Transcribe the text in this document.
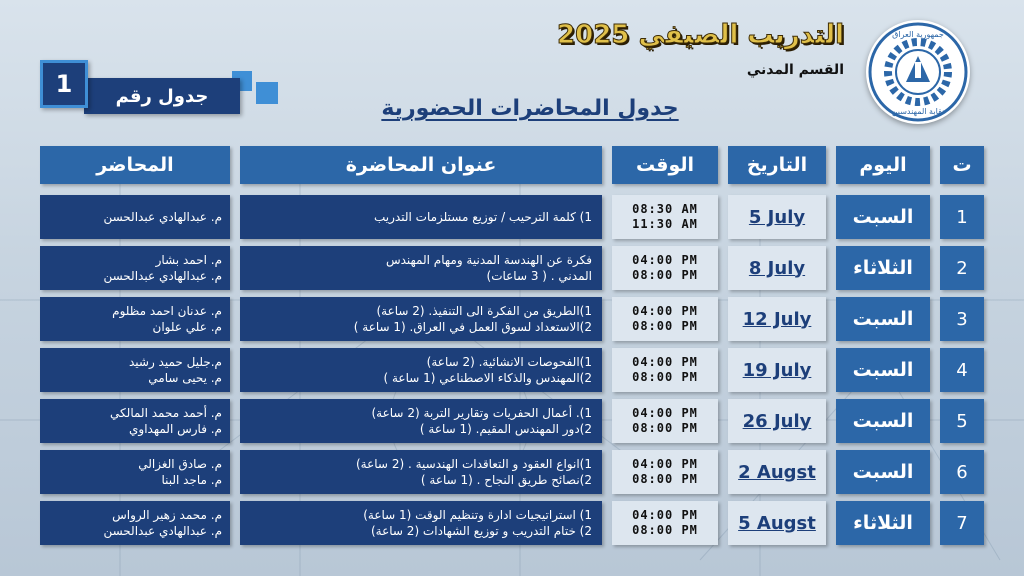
جمهورية العراق
نقابة المهندسين
التدريب الصيفي 2025
القسم المدني
جدول رقم
1
جدول المحاضرات الحضورية
ت
اليوم
التاريخ
الوقت
عنوان المحاضرة
المحاضر
1
السبت
5 July
08:30 AM
11:30 AM
1) كلمة الترحيب / توزيع مستلزمات التدريب
م. عبدالهادي عبدالحسن
2
الثلاثاء
8 July
04:00 PM
08:00 PM
فكرة عن الهندسة المدنية ومهام المهندس
المدني . ( 3 ساعات)
م. احمد بشار
م. عبدالهادي عبدالحسن
3
السبت
12 July
04:00 PM
08:00 PM
1)الطريق من الفكرة الى التنفيذ. (2 ساعة)
2)الاستعداد لسوق العمل في العراق. (1 ساعة )
م. عدنان احمد مظلوم
م. علي علوان
4
السبت
19 July
04:00 PM
08:00 PM
1)الفحوصات الانشائية. (2 ساعة)
2)المهندس والذكاء الاصطناعي (1 ساعة )
م.جليل حميد رشيد
م. يحيى سامي
5
السبت
26 July
04:00 PM
08:00 PM
1). أعمال الحفريات وتقارير التربة (2 ساعة)
2)دور المهندس المقيم. (1 ساعة )
م. أحمد محمد المالكي
م. فارس المهداوي
6
السبت
2 Augst
04:00 PM
08:00 PM
1)انواع العقود و التعاقدات الهندسية . (2 ساعة)
2)نصائح طريق النجاح . (1 ساعة )
م. صادق الغزالي
م. ماجد البنا
7
الثلاثاء
5 Augst
04:00 PM
08:00 PM
1) استراتيجيات ادارة وتنظيم الوقت (1 ساعة)
2) ختام التدريب و توزيع الشهادات (2 ساعة)
م. محمد زهير الرواس
م. عبدالهادي عبدالحسن
